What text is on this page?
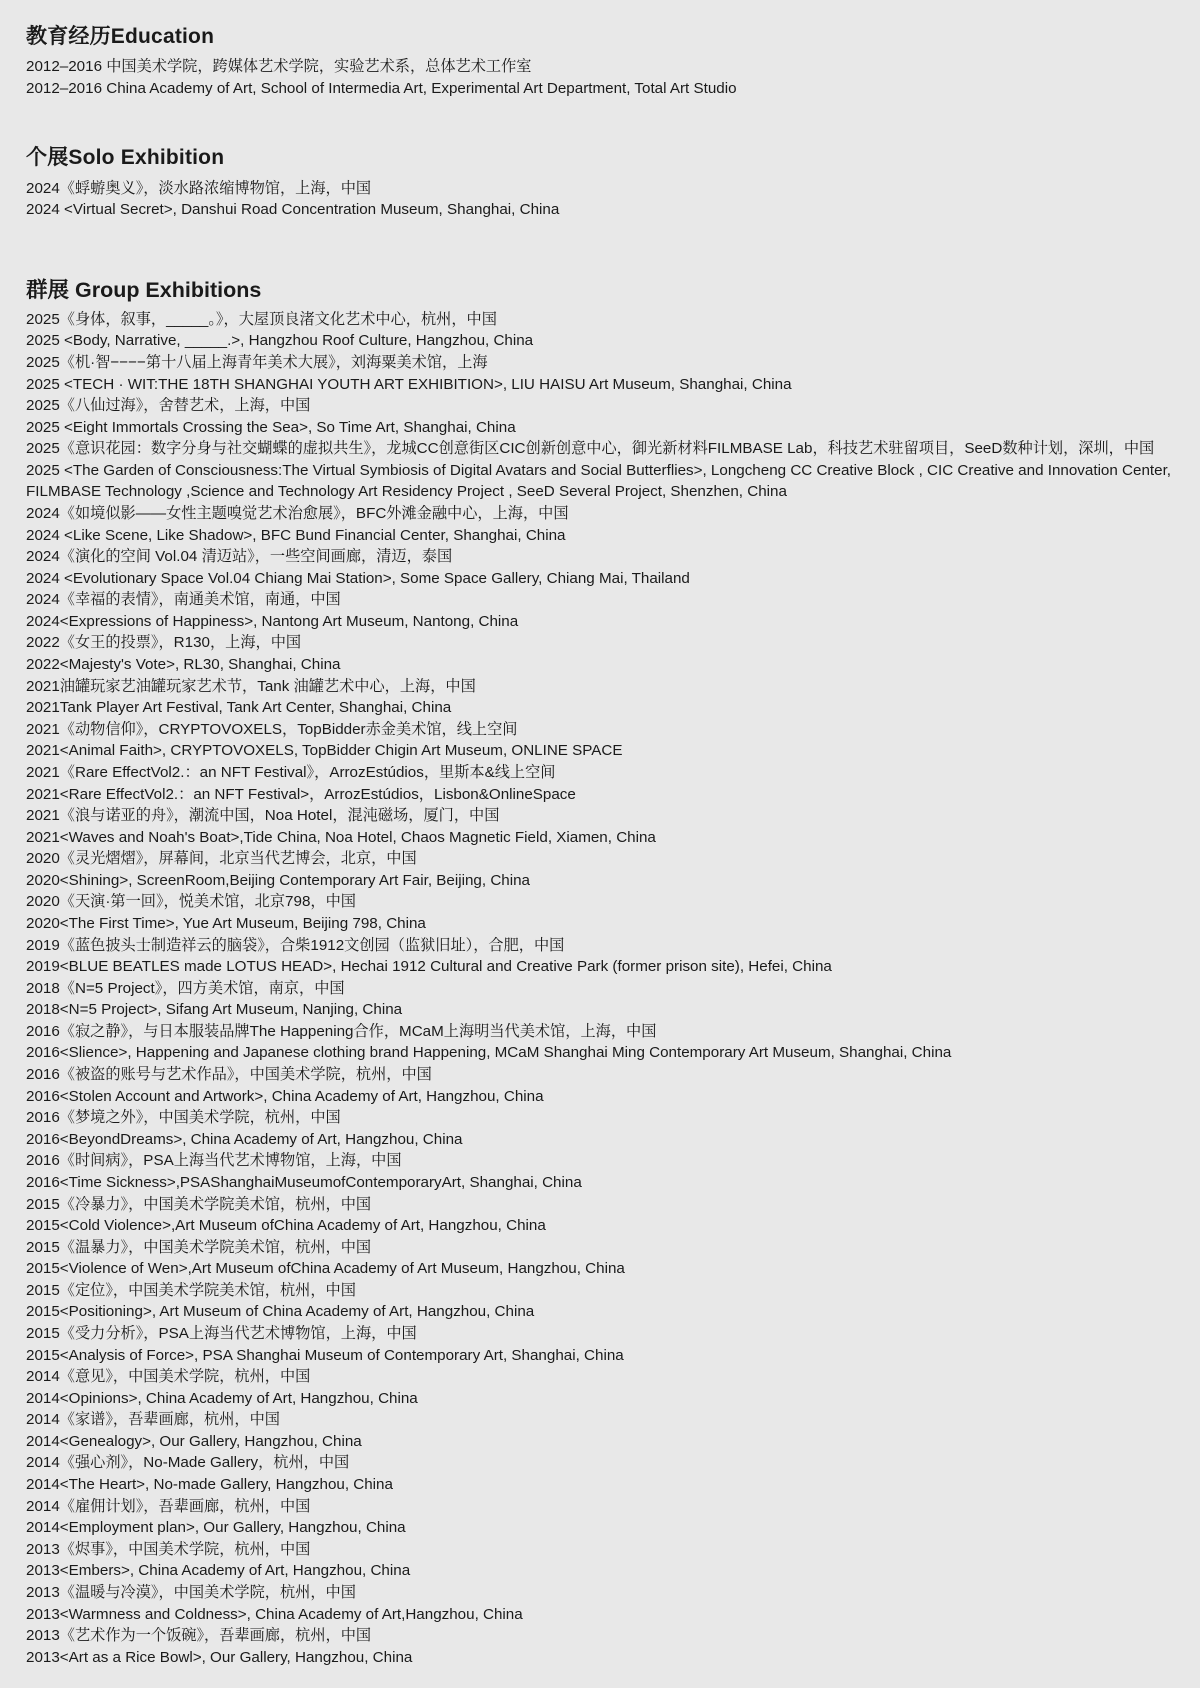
教育经历Education

2012–2016 中国美术学院，跨媒体艺术学院，实验艺术系，总体艺术工作室

2012–2016 China Academy of Art, School of Intermedia Art, Experimental Art Department, Total Art Studio

个展Solo Exhibition

2024《蜉蝣奥义》，淡水路浓缩博物馆，上海，中国

2024 <Virtual Secret>, Danshui Road Concentration Museum, Shanghai, China

群展 Group Exhibitions

2025《身体，叙事，_____。》，大屋顶良渚文化艺术中心，杭州，中国

2025 <Body, Narrative, _____.>, Hangzhou Roof Culture, Hangzhou, China

2025《机·智−−−−第十八届上海青年美术大展》，刘海粟美术馆，上海

2025 <TECH · WIT:THE 18TH SHANGHAI YOUTH ART EXHIBITION>, LIU HAISU Art Museum, Shanghai, China

2025《八仙过海》，舍替艺术，上海，中国

2025 <Eight Immortals Crossing the Sea>, So Time Art, Shanghai, China

2025《意识花园：数字分身与社交蝴蝶的虚拟共生》，龙城CC创意街区CIC创新创意中心，御光新材料FILMBASE Lab，科技艺术驻留项目，SeeD数种计划，深圳，中国

2025 <The Garden of Consciousness:The Virtual Symbiosis of Digital Avatars and Social Butterflies>, Longcheng CC Creative Block , CIC Creative and Innovation Center, FILMBASE Technology ,Science and Technology Art Residency Project , SeeD Several Project, Shenzhen, China

2024《如境似影——女性主题嗅觉艺术治愈展》，BFC外滩金融中心，上海，中国

2024 <Like Scene, Like Shadow>, BFC Bund Financial Center, Shanghai, China

2024《演化的空间 Vol.04 清迈站》，一些空间画廊，清迈，泰国

2024 <Evolutionary Space Vol.04 Chiang Mai Station>, Some Space Gallery, Chiang Mai, Thailand

2024《幸福的表情》，南通美术馆，南通，中国

2024<Expressions of Happiness>, Nantong Art Museum, Nantong, China

2022《女王的投票》，R130，上海，中国

2022<Majesty's Vote>, RL30, Shanghai, China

2021油罐玩家艺油罐玩家艺术节，Tank 油罐艺术中心，上海，中国

2021Tank Player Art Festival, Tank Art Center, Shanghai, China

2021《动物信仰》，CRYPTOVOXELS，TopBidder赤金美术馆，线上空间

2021<Animal Faith>, CRYPTOVOXELS, TopBidder Chigin Art Museum, ONLINE SPACE

2021《Rare EffectVol2.：an NFT Festival》，ArrozEstúdios，里斯本&线上空间

2021<Rare EffectVol2.：an NFT Festival>，ArrozEstúdios，Lisbon&OnlineSpace

2021《浪与诺亚的舟》，潮流中国，Noa Hotel，混沌磁场，厦门，中国

2021<Waves and Noah's Boat>,Tide China, Noa Hotel, Chaos Magnetic Field, Xiamen, China

2020《灵光熠熠》，屏幕间，北京当代艺博会，北京，中国

2020<Shining>, ScreenRoom,Beijing Contemporary Art Fair, Beijing, China

2020《天演·第一回》，悦美术馆，北京798，中国

2020<The First Time>, Yue Art Museum, Beijing 798, China

2019《蓝色披头士制造祥云的脑袋》，合柴1912文创园（监狱旧址），合肥，中国

2019<BLUE BEATLES made LOTUS HEAD>, Hechai 1912 Cultural and Creative Park (former prison site), Hefei, China

2018《N=5 Project》，四方美术馆，南京，中国

2018<N=5 Project>, Sifang Art Museum, Nanjing, China

2016《寂之静》，与日本服装品牌The Happening合作，MCaM上海明当代美术馆，上海，中国

2016<Slience>, Happening and Japanese clothing brand Happening, MCaM Shanghai Ming Contemporary Art Museum, Shanghai, China

2016《被盗的账号与艺术作品》，中国美术学院，杭州，中国

2016<Stolen Account and Artwork>, China Academy of Art, Hangzhou, China

2016《梦境之外》，中国美术学院，杭州，中国

2016<BeyondDreams>, China Academy of Art, Hangzhou, China

2016《时间病》，PSA上海当代艺术博物馆，上海，中国

2016<Time Sickness>,PSAShanghaiMuseumofContemporaryArt, Shanghai, China

2015《冷暴力》，中国美术学院美术馆，杭州，中国

2015<Cold Violence>,Art Museum ofChina Academy of Art, Hangzhou, China

2015《温暴力》，中国美术学院美术馆，杭州，中国

2015<Violence of Wen>,Art Museum ofChina Academy of Art Museum, Hangzhou, China

2015《定位》，中国美术学院美术馆，杭州，中国

2015<Positioning>, Art Museum of China Academy of Art, Hangzhou, China

2015《受力分析》，PSA上海当代艺术博物馆，上海，中国

2015<Analysis of Force>, PSA Shanghai Museum of Contemporary Art, Shanghai, China

2014《意见》，中国美术学院，杭州，中国

2014<Opinions>, China Academy of Art, Hangzhou, China

2014《家谱》，吾辈画廊，杭州，中国

2014<Genealogy>, Our Gallery, Hangzhou, China

2014《强心剂》，No-Made Gallery，杭州，中国

2014<The Heart>, No-made Gallery, Hangzhou, China

2014《雇佣计划》，吾辈画廊，杭州，中国

2014<Employment plan>, Our Gallery, Hangzhou, China

2013《烬事》，中国美术学院，杭州，中国

2013<Embers>, China Academy of Art, Hangzhou, China

2013《温暖与冷漠》，中国美术学院，杭州，中国

2013<Warmness and Coldness>, China Academy of Art,Hangzhou, China

2013《艺术作为一个饭碗》，吾辈画廊，杭州，中国

2013<Art as a Rice Bowl>, Our Gallery, Hangzhou, China
